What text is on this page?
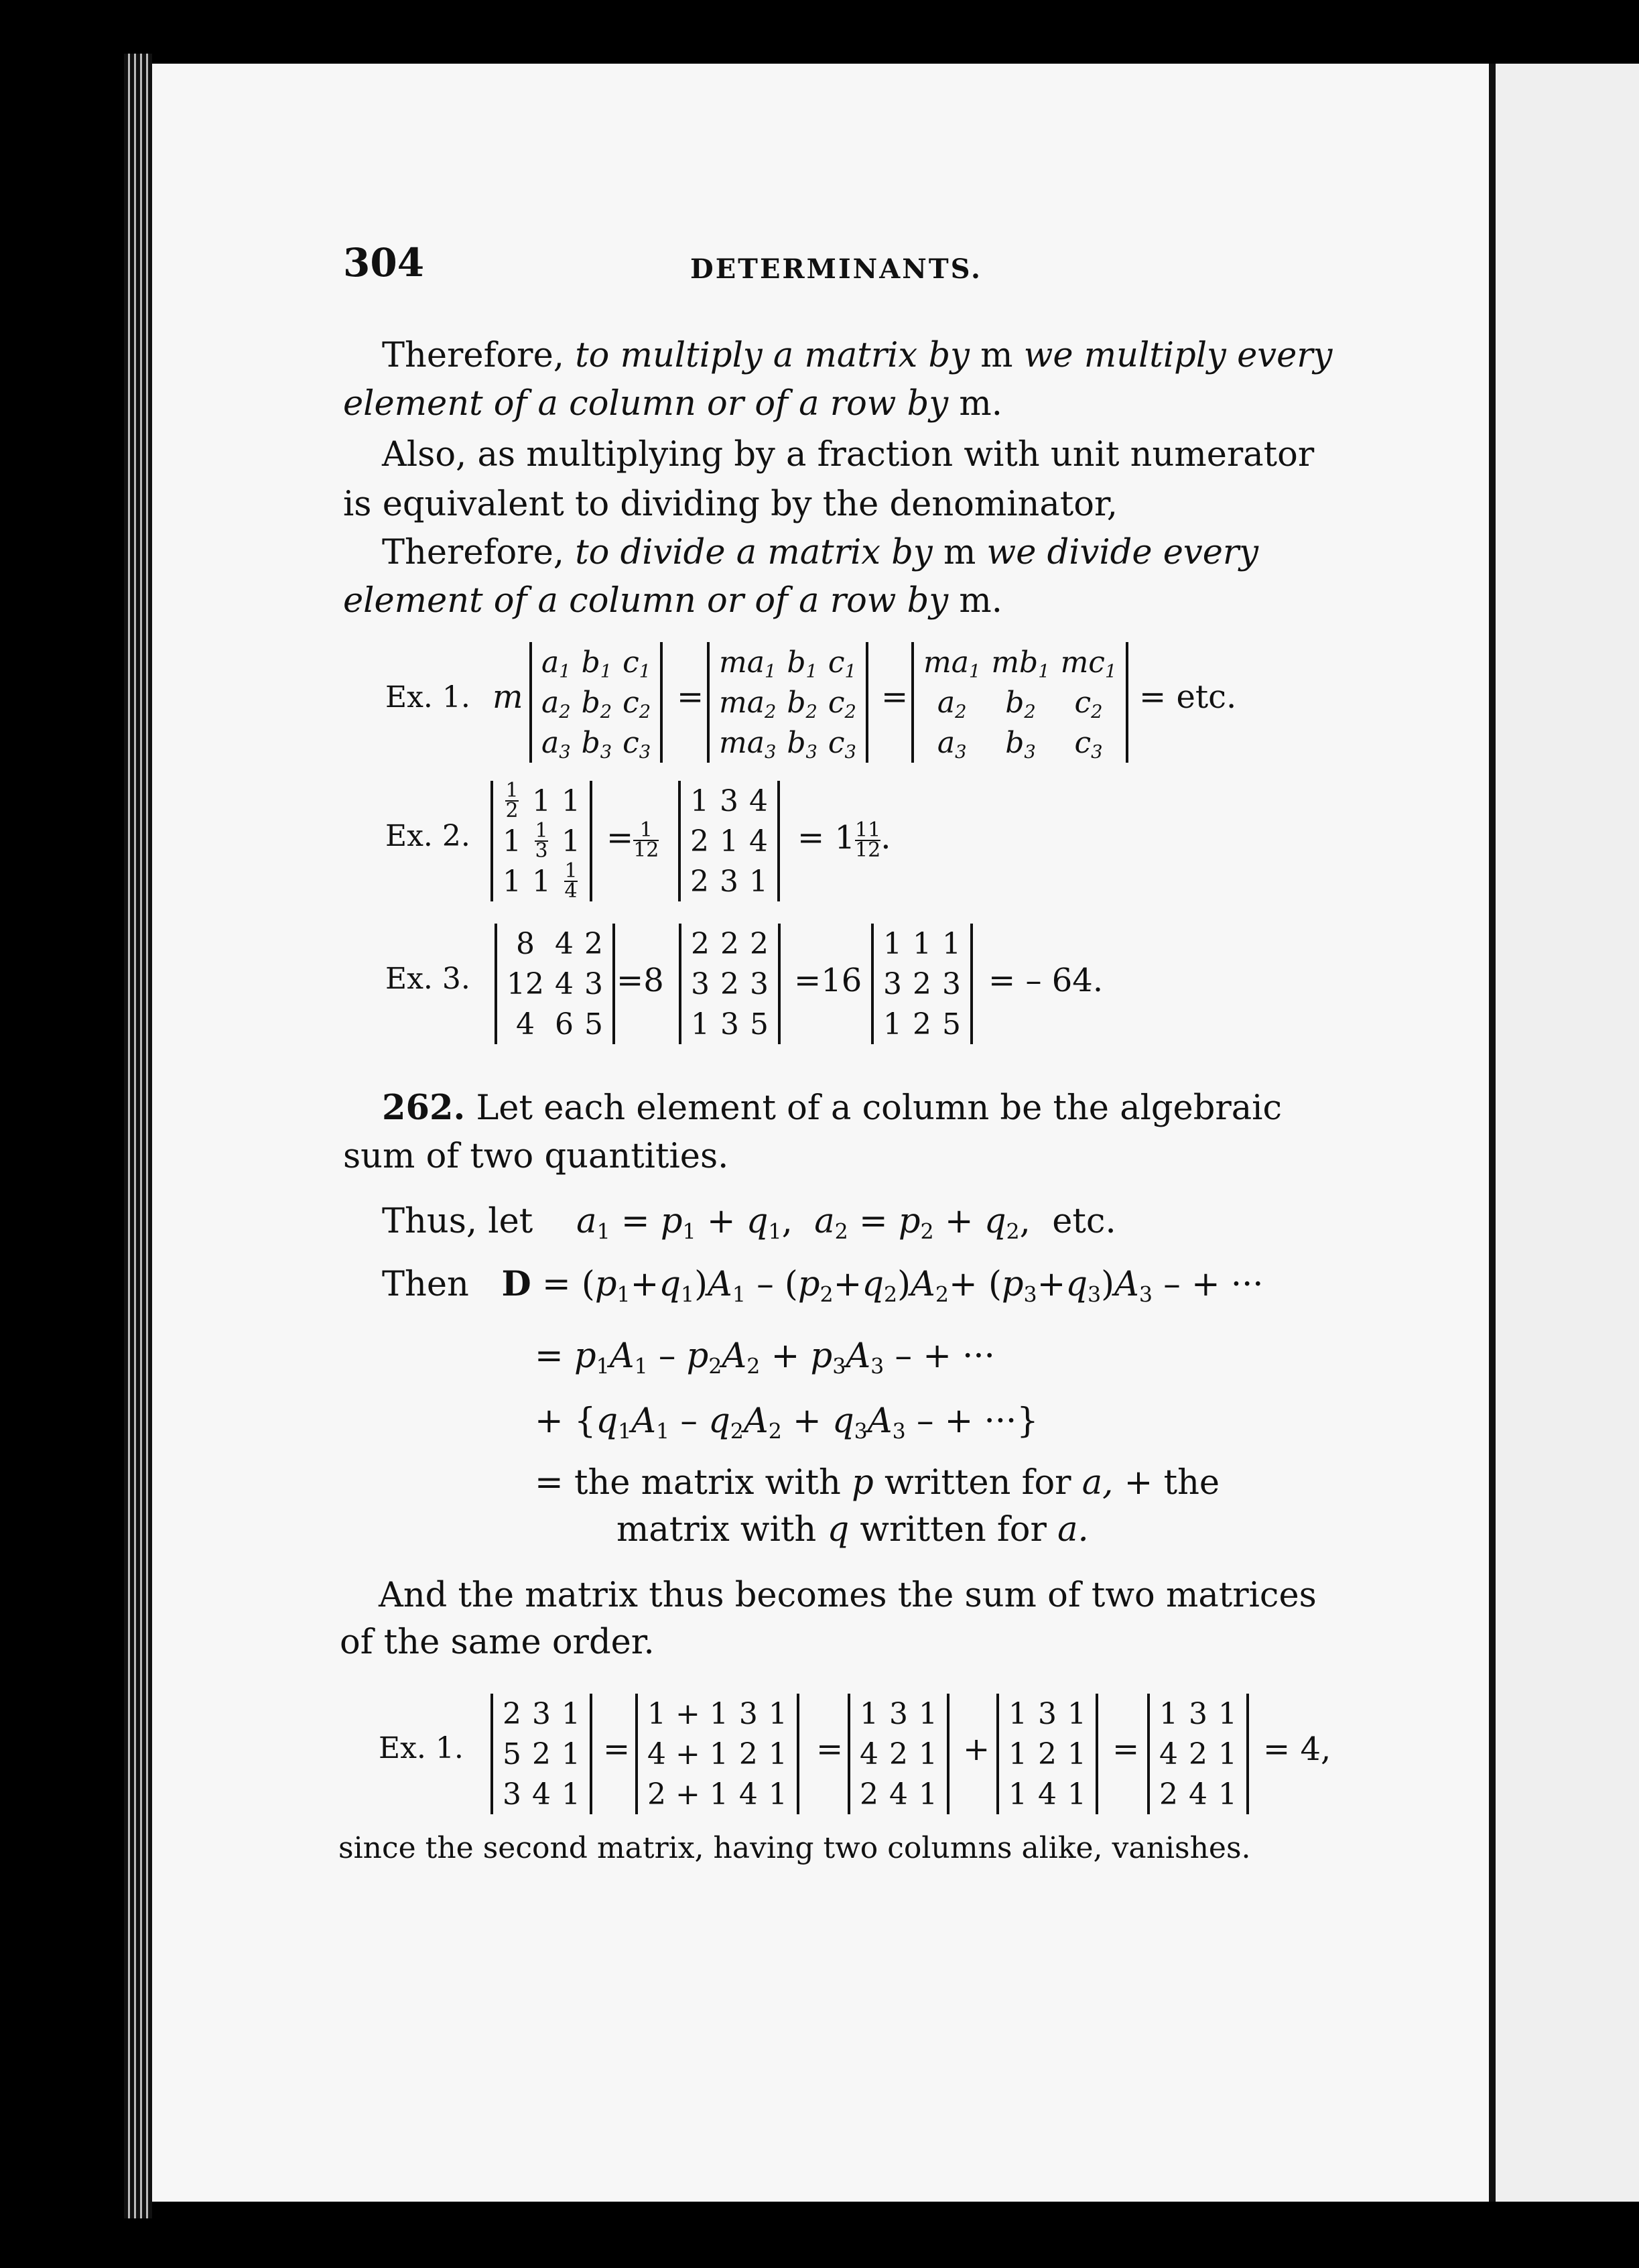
304	DETERMINANTS.
Therefore, to multiply a matrix by m we multiply every
element of a column or of a row by m.
Also, as multiplying by a fraction with unit numerator
is equivalent to dividing by the denominator,
Therefore, to divide a matrix by m we divide every
element of a column or of a row by m.
Ex. 1. m
$a_1$	$b_1$	$c_1$
$a_2$	$b_2$	$c_2$
$a_3$	$b_3$	$c_3$
=
$ma_1$	$b_1$	$c_1$
$ma_2$	$b_2$	$c_2$
$ma_3$	$b_3$	$c_3$
=
$ma_1$	$mb_1$	$mc_1$
$a_2$	$b_2$	$c_2$
$a_3$	$b_3$	$c_3$
= etc.
Ex. 2.
$\frac{1}{2}$	1	1
1	$\frac{1}{3}$	1
1	1	$\frac{1}{4}$
= $\frac{1}{12}$
1	3	4
2	1	4
2	3	1
= $1 \frac{11}{12}$ .
Ex. 3.
8	4	2
12	4	3
4	6	5
=8
2	2	2
3	2	3
1	3	5
=16
1	1	1
3	2	3
1	2	5
= – 64.
262. Let each element of a column be the algebraic
sum of two quantities.
Thus, let $a_1 = p_1 + q_1$,  $a_2 = p_2 + q_2$,  etc.
Then $D = (p_1+q_1)A_1 - (p_2+q_2)A_2+ (p_3+q_3)A_3$ – + ···
= $p_1A_1 - p_2A_2 + p_3A_3$ – + ···
+ {$q_1A_1 - q_2A_2 + q_3A_3$ – + ···}
= the matrix with p written for a, + the
matrix with q written for a.
And the matrix thus becomes the sum of two matrices
of the same order.
Ex. 1.
2	3	1
5	2	1
3	4	1
=
1 + 1	3	1
4 + 1	2	1
2 + 1	4	1
=
1	3	1
4	2	1
2	4	1
+
1	3	1
1	2	1
1	4	1
=
1	3	1
4	2	1
2	4	1
= 4,
since the second matrix, having two columns alike, vanishes.
